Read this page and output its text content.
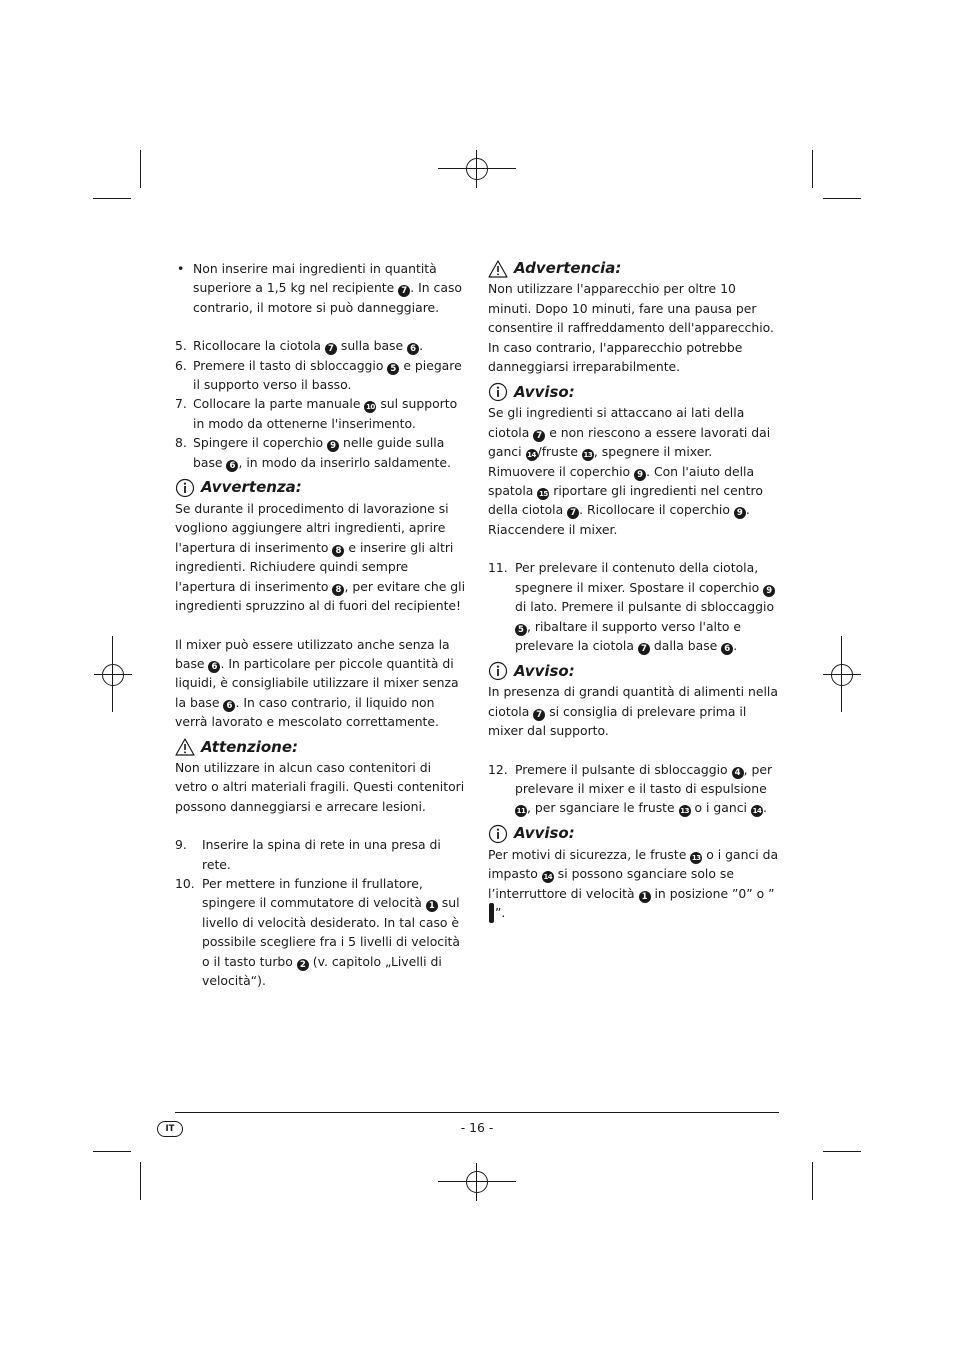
• Non inserire mai ingredienti in quantità superiore a 1,5 kg nel recipiente 7 . In caso contrario, il motore si può danneggiare.

5. Ricollocare la ciotola 7 sulla base 6 .

6. Premere il tasto di sbloccaggio 5 e piegare il supporto verso il basso.

7. Collocare la parte manuale 10 sul supporto in modo da ottenerne l'inserimento.

8. Spingere il coperchio 9 nelle guide sulla base 6 , in modo da inserirlo saldamente.

Avvertenza:

Se durante il procedimento di lavorazione si vogliono aggiungere altri ingredienti, aprire l'apertura di inserimento 8 e inserire gli altri ingredienti. Richiudere quindi sempre l'apertura di inserimento 8 , per evitare che gli ingredienti spruzzino al di fuori del recipiente!

Il mixer può essere utilizzato anche senza la base 6 . In particolare per piccole quantità di liquidi, è consigliabile utilizzare il mixer senza la base 6 . In caso contrario, il liquido non verrà lavorato e mescolato correttamente.

Attenzione:

Non utilizzare in alcun caso contenitori di vetro o altri materiali fragili. Questi contenitori possono danneggiarsi e arrecare lesioni.

9. Inserire la spina di rete in una presa di rete.

10. Per mettere in funzione il frullatore, spingere il commutatore di velocità 1 sul livello di velocità desiderato. In tal caso è possibile scegliere fra i 5 livelli di velocità o il tasto turbo 2 (v. capitolo „Livelli di velocità“).

Advertencia:

Non utilizzare l'apparecchio per oltre 10 minuti. Dopo 10 minuti, fare una pausa per consentire il raffreddamento dell'apparecchio. In caso contrario, l'apparecchio potrebbe danneggiarsi irreparabilmente.

Avviso:

Se gli ingredienti si attaccano ai lati della ciotola 7 e non riescono a essere lavorati dai ganci 14 /fruste 13 , spegnere il mixer. Rimuovere il coperchio 9 . Con l'aiuto della spatola 15 riportare gli ingredienti nel centro della ciotola 7 . Ricollocare il coperchio 9 . Riaccendere il mixer.

11. Per prelevare il contenuto della ciotola, spegnere il mixer. Spostare il coperchio 9 di lato. Premere il pulsante di sbloccaggio 5 , ribaltare il supporto verso l'alto e prelevare la ciotola 7 dalla base 6 .

Avviso:

In presenza di grandi quantità di alimenti nella ciotola 7 si consiglia di prelevare prima il mixer dal supporto.

12. Premere il pulsante di sbloccaggio 4 , per prelevare il mixer e il tasto di espulsione 11 , per sganciare le fruste 13 o i ganci 14 .

Avviso:

Per motivi di sicurezza, le fruste 13 o i ganci da impasto 14 si possono sganciare solo se l’interruttore di velocità 1 in posizione ”0” o ””.

IT	- 16 -
